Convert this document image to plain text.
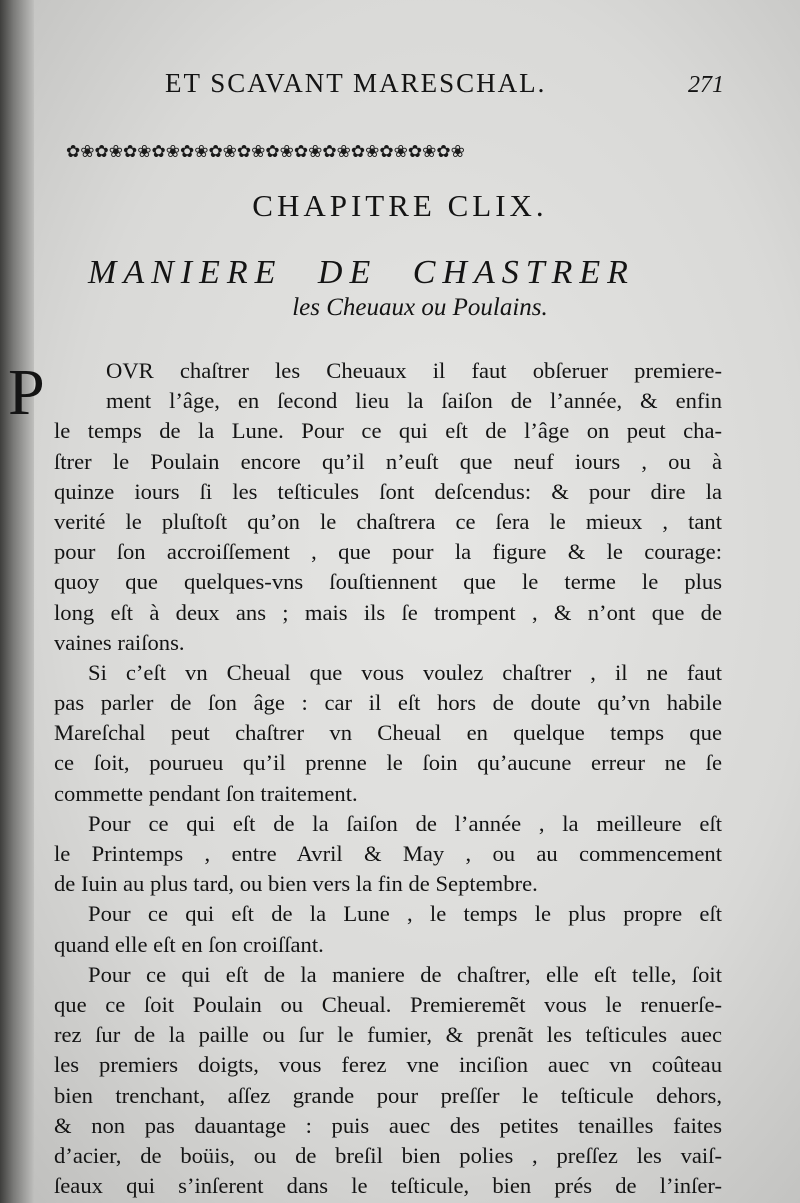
ET SCAVANT MARESCHAL.	271
✿❀✿❀✿❀✿❀✿❀✿❀✿❀✿❀✿❀✿❀✿❀✿❀✿❀✿❀
CHAPITRE CLIX.
MANIERE DE CHASTRER
les Cheuaux ou Poulains.
P	OVR chaſtrer les Cheuaux il faut obſeruer premiere-
ment l’âge, en ſecond lieu la ſaiſon de l’année, & enfin
le temps de la Lune. Pour ce qui eſt de l’âge on peut cha-
ſtrer le Poulain encore qu’il n’euſt que neuf iours , ou à
quinze iours ſi les teſticules ſont deſcendus: & pour dire la
verité le pluſtoſt qu’on le chaſtrera ce ſera le mieux , tant
pour ſon accroiſſement , que pour la figure & le courage:
quoy que quelques-vns ſouſtiennent que le terme le plus
long eſt à deux ans ; mais ils ſe trompent , & n’ont que de
vaines raiſons.
Si c’eſt vn Cheual que vous voulez chaſtrer , il ne faut
pas parler de ſon âge : car il eſt hors de doute qu’vn habile
Mareſchal peut chaſtrer vn Cheual en quelque temps que
ce ſoit, pourueu qu’il prenne le ſoin qu’aucune erreur ne ſe
commette pendant ſon traitement.
Pour ce qui eſt de la ſaiſon de l’année , la meilleure eſt
le Printemps , entre Avril & May , ou au commencement
de Iuin au plus tard, ou bien vers la fin de Septembre.
Pour ce qui eſt de la Lune , le temps le plus propre eſt
quand elle eſt en ſon croiſſant.
Pour ce qui eſt de la maniere de chaſtrer, elle eſt telle, ſoit
que ce ſoit Poulain ou Cheual. Premieremẽt vous le renuerſe-
rez ſur de la paille ou ſur le fumier, & prenãt les teſticules auec
les premiers doigts, vous ferez vne inciſion auec vn coûteau
bien trenchant, aſſez grande pour preſſer le teſticule dehors,
& non pas dauantage : puis auec des petites tenailles faites
d’acier, de boüis, ou de breſil bien polies , preſſez les vaiſ-
ſeaux qui s’inſerent dans le teſticule, bien prés de l’inſer-
